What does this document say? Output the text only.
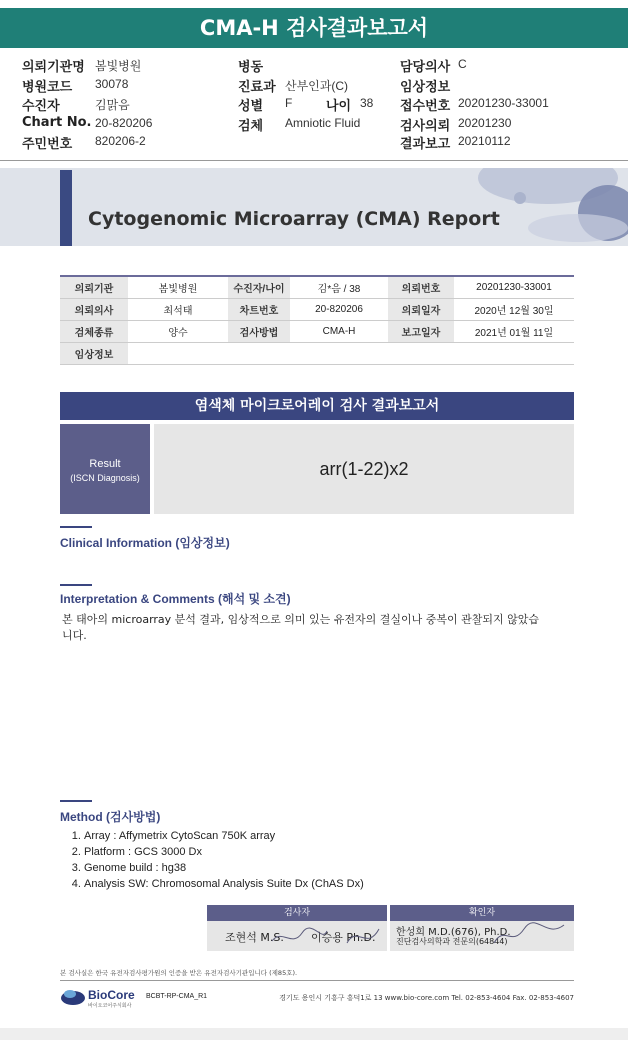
CMA-H 검사결과보고서
의뢰기관명 봄빛병원
병원코드 30078
수진자	김맑음
Chart No. 20-820206
주민번호 820206-2
병동
진료과 산부인과(C)
성별 F	나이 38
검체 Amniotic Fluid
담당의사 C
임상정보
접수번호 20201230-33001
검사의뢰 20201230
결과보고 20210112
Cytogenomic Microarray (CMA) Report
의뢰기관	봄빛병원	수진자/나이	김*음 / 38	의뢰번호	20201230-33001
의뢰의사	최석태	차트번호	20-820206	의뢰일자	2020년 12월 30일
검체종류	양수	검사방법	CMA-H	보고일자	2021년 01월 11일
임상정보					
염색체 마이크로어레이 검사 결과보고서
Result
(ISCN Diagnosis)	arr(1-22)x2
Clinical Information (임상정보)
Interpretation & Comments (해석 및 소견)
본 태아의 microarray 분석 결과, 임상적으로 의미 있는 유전자의 결실이나 중복이 관찰되지 않았습니다.
Method (검사방법)
1. Array : Affymetrix CytoScan 750K array
2. Platform : GCS 3000 Dx
3. Genome build : hg38
4. Analysis SW: Chromosomal Analysis Suite Dx (ChAS Dx)
검사자	확인자
조현석 M.S. 이승용 Ph.D. 한성희 M.D.(676), Ph.D.
진단검사의학과 전문의(64844)
본 검사실은 한국 유전자검사평가원의 인증을 받은 유전자검사기관입니다 (제85호).
BioCore
바이오코어주식회사
BCBT-RP-CMA_R1	경기도 용인시 기흥구 흥덕1로 13 www.bio-core.com Tel. 02-853-4604 Fax. 02-853-4607
